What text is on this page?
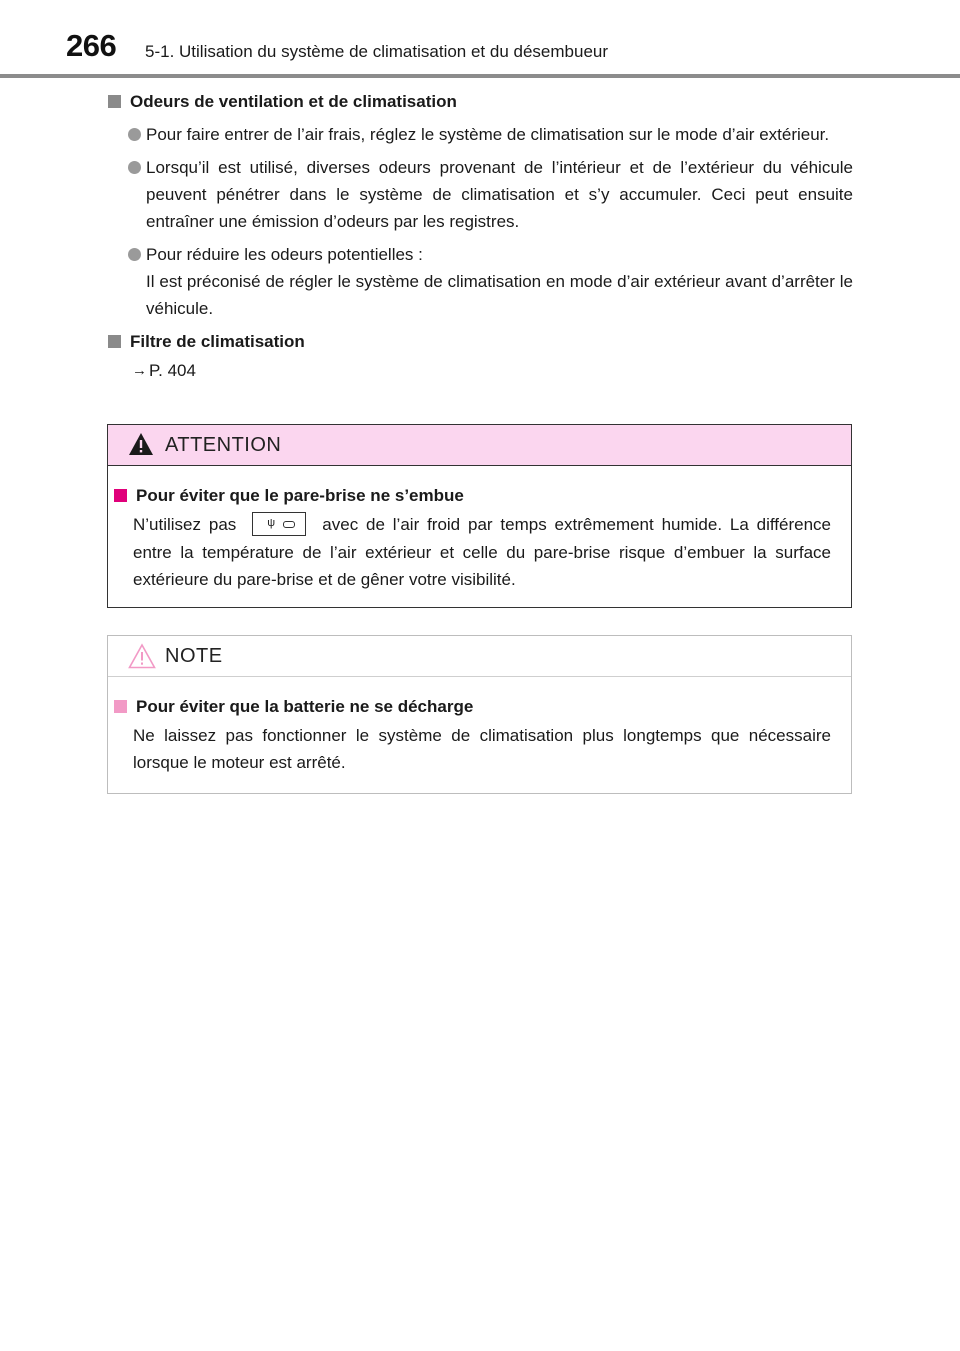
266 5-1. Utilisation du système de climatisation et du désembueur
Odeurs de ventilation et de climatisation

Pour faire entrer de l’air frais, réglez le système de climatisation sur le mode d’air extérieur.

Lorsqu’il est utilisé, diverses odeurs provenant de l’intérieur et de l’extérieur du véhicule peuvent pénétrer dans le système de climatisation et s’y accumuler. Ceci peut ensuite entraîner une émission d’odeurs par les registres.

Pour réduire les odeurs potentielles :

Il est préconisé de régler le système de climatisation en mode d’air extérieur avant d’arrêter le véhicule.

Filtre de climatisation
→ P. 404
ATTENTION
Pour éviter que le pare-brise ne s’embue
N’utilisez pas	ψ	avec de l’air froid par temps extrêmement humide. La différence entre la température de l’air extérieur et celle du pare-brise risque d’embuer la surface extérieure du pare-brise et de gêner votre visibilité.
NOTE
Pour éviter que la batterie ne se décharge
Ne laissez pas fonctionner le système de climatisation plus longtemps que nécessaire lorsque le moteur est arrêté.
